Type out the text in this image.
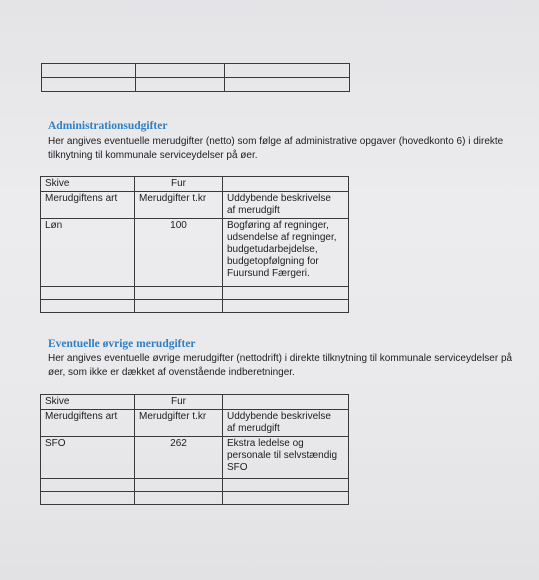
Administrationsudgifter
Her angives eventuelle merudgifter (netto) som følge af administrative opgaver (hovedkonto 6) i direkte
tilknytning til kommunale serviceydelser på øer.
Skive	Fur	
Merudgiftens art	Merudgifter t.kr	Uddybende beskrivelse
af merudgift

Løn	100	Bogføring af regninger,
udsendelse af regninger,
budgetudarbejdelse,
budgetopfølgning for
Fuursund Færgeri.

Eventuelle øvrige merudgifter
Her angives eventuelle øvrige merudgifter (nettodrift) i direkte tilknytning til kommunale serviceydelser på
øer, som ikke er dækket af ovenstående indberetninger.
Skive	Fur	
Merudgiftens art	Merudgifter t.kr	Uddybende beskrivelse
af merudgift

SFO	262	Ekstra ledelse og
personale til selvstændig
SFO
